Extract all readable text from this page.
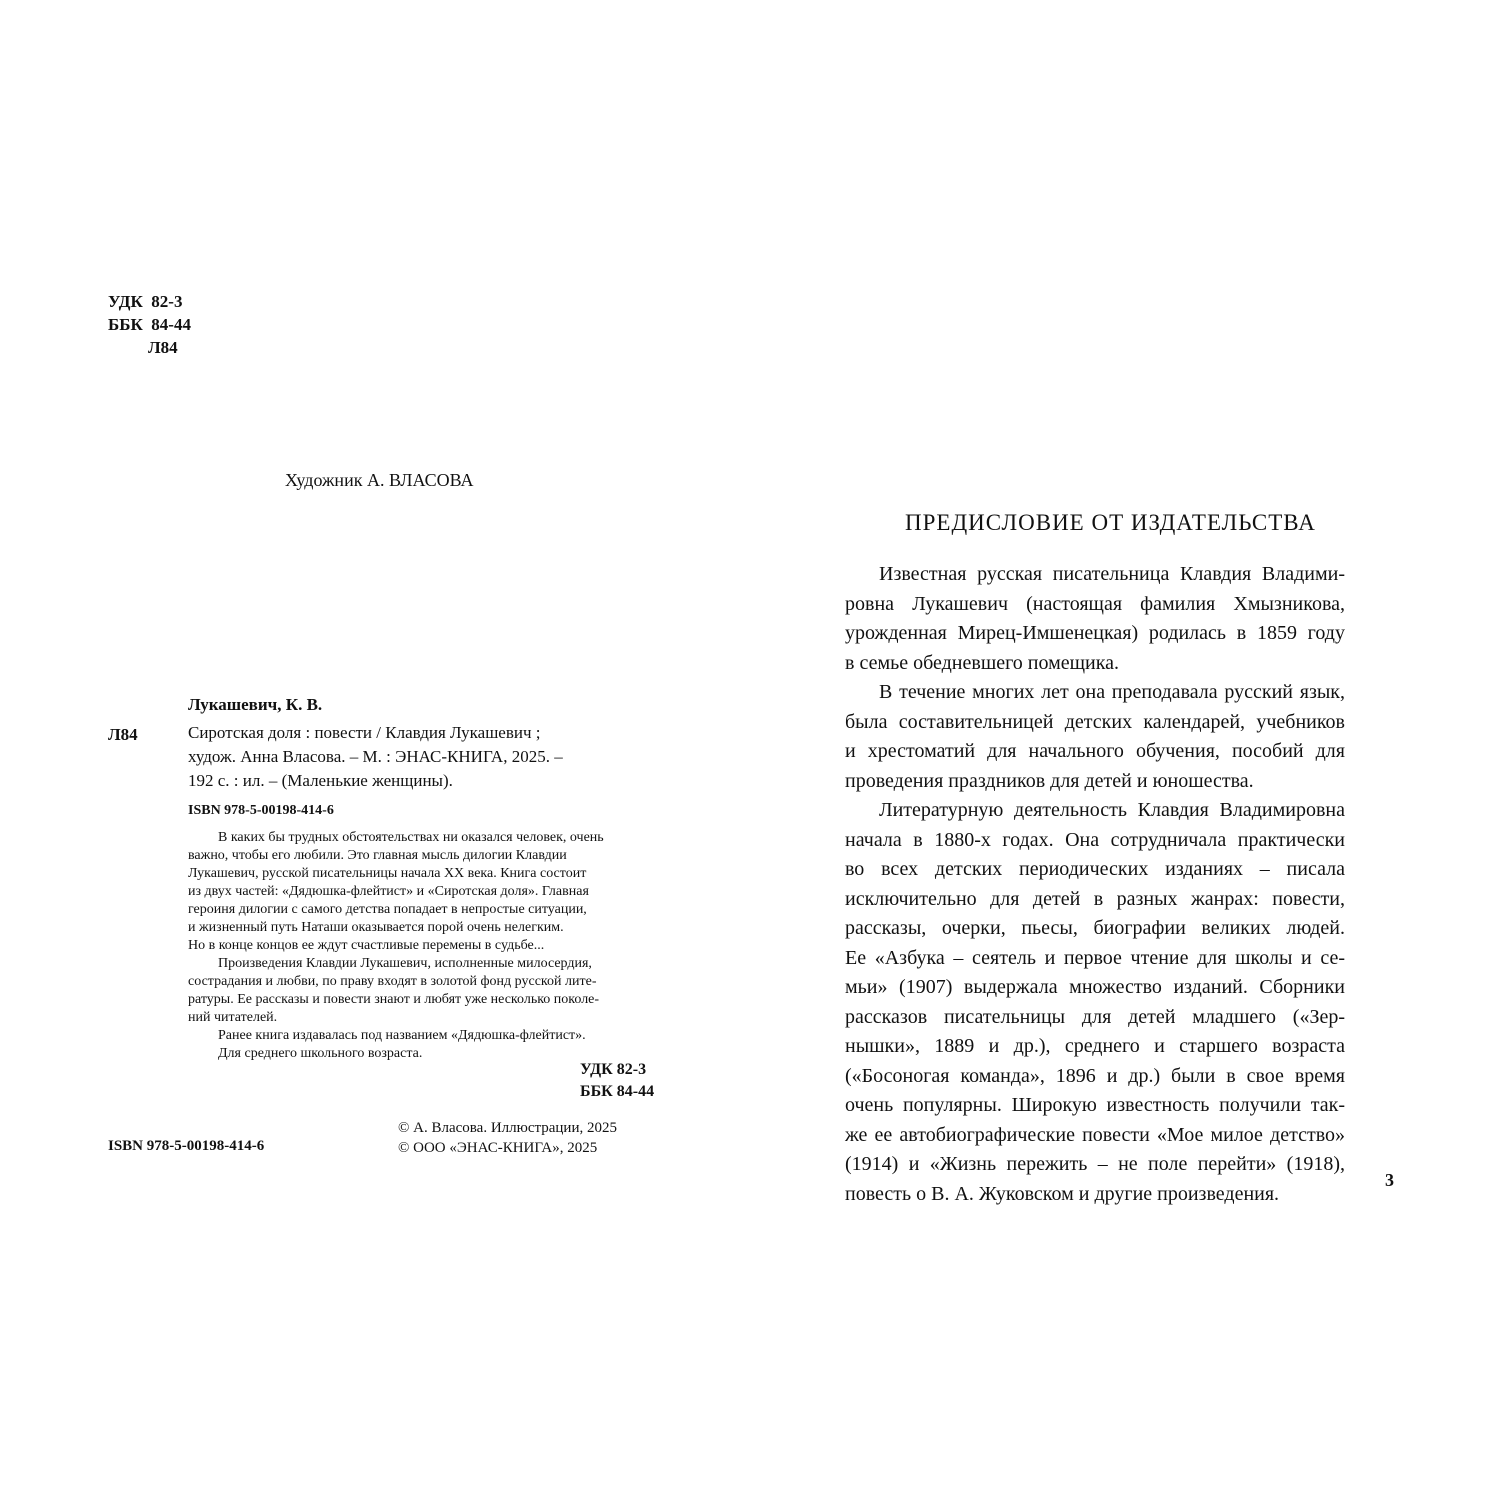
УДК  82-3
ББК  84-44
Л84
Художник А. ВЛАСОВА
Лукашевич, К. В.
Л84	Сиротская доля : повести / Клавдия Лукашевич ;
худож. Анна Власова. – М. : ЭНАС-КНИГА, 2025. –
192 с. : ил. – (Маленькие женщины).
ISBN 978-5-00198-414-6
В каких бы трудных обстоятельствах ни оказался человек, очень
важно, чтобы его любили. Это главная мысль дилогии Клавдии
Лукашевич, русской писательницы начала XX века. Книга состоит
из двух частей: «Дядюшка-флейтист» и «Сиротская доля». Главная
героиня дилогии с самого детства попадает в непростые ситуации,
и жизненный путь Наташи оказывается порой очень нелегким.
Но в конце концов ее ждут счастливые перемены в судьбе...
Произведения Клавдии Лукашевич, исполненные милосердия,
сострадания и любви, по праву входят в золотой фонд русской лите-
ратуры. Ее рассказы и повести знают и любят уже несколько поколе-
ний читателей.
Ранее книга издавалась под названием «Дядюшка-флейтист».
Для среднего школьного возраста.
УДК 82-3
ББК 84-44
ISBN 978-5-00198-414-6
© А. Власова. Иллюстрации, 2025
© ООО «ЭНАС-КНИГА», 2025
ПРЕДИСЛОВИЕ ОТ ИЗДАТЕЛЬСТВА
Известная русская писательница Клавдия Владими-
ровна Лукашевич (настоящая фамилия Хмызникова,
урожденная Мирец-Имшенецкая) родилась в 1859 году
в семье обедневшего помещика.
В течение многих лет она преподавала русский язык,
была составительницей детских календарей, учебников
и хрестоматий для начального обучения, пособий для
проведения праздников для детей и юношества.
Литературную деятельность Клавдия Владимировна
начала в 1880-х годах. Она сотрудничала практически
во всех детских периодических изданиях – писала
исключительно для детей в разных жанрах: повести,
рассказы, очерки, пьесы, биографии великих людей.
Ее «Азбука – сеятель и первое чтение для школы и се-
мьи» (1907) выдержала множество изданий. Сборники
рассказов писательницы для детей младшего («Зер-
нышки», 1889 и др.), среднего и старшего возраста
(«Босоногая команда», 1896 и др.) были в свое время
очень популярны. Широкую известность получили так-
же ее автобиографические повести «Мое милое детство»
(1914) и «Жизнь пережить – не поле перейти» (1918),
повесть о В. А. Жуковском и другие произведения.
3
